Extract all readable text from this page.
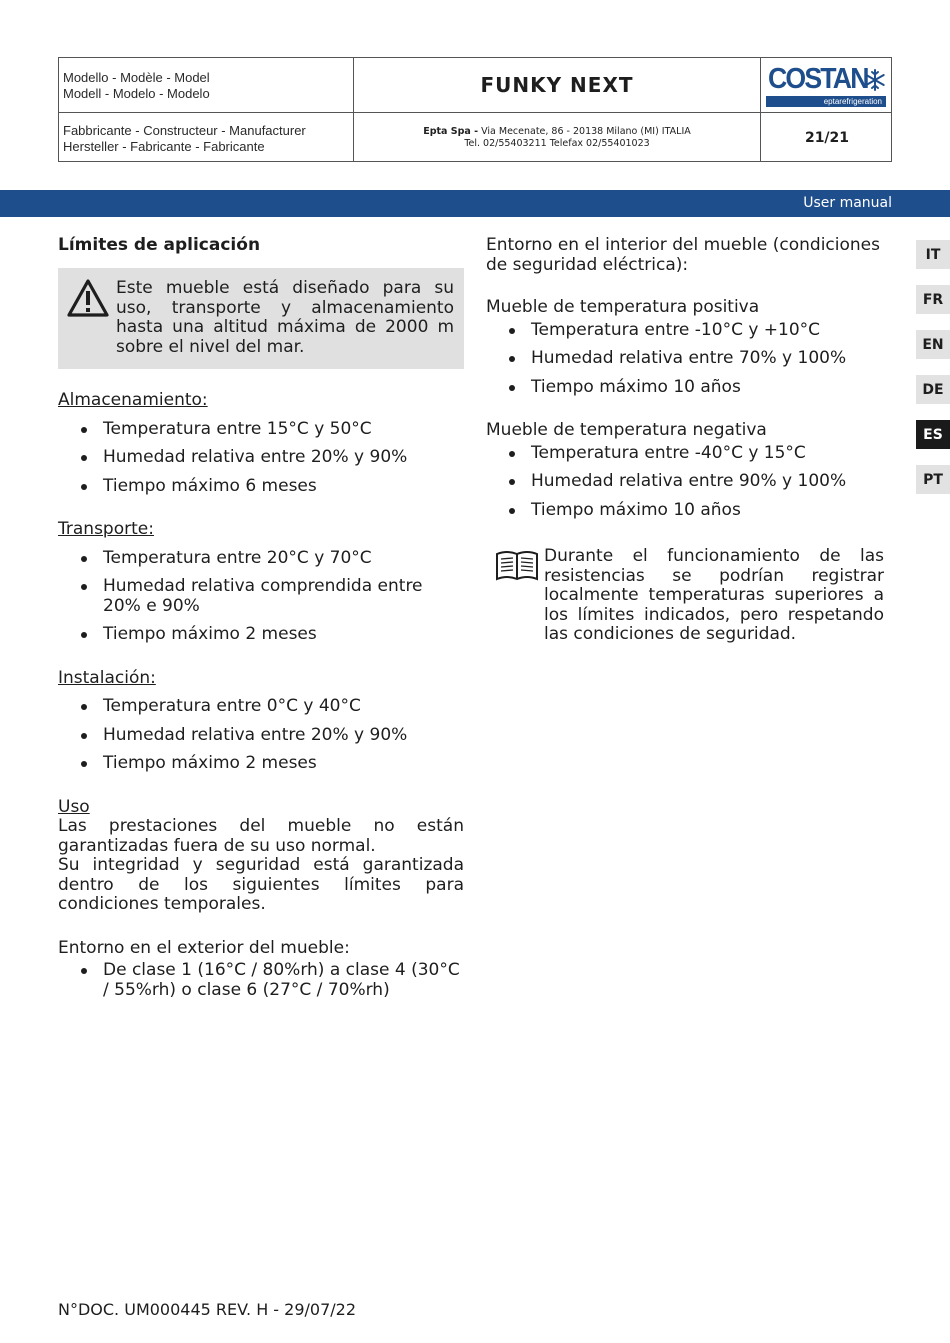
Modello - Modèle - Model
Modell - Modelo - Modelo
Fabbricante - Constructeur - Manufacturer
Hersteller - Fabricante - Fabricante
FUNKY NEXT
Epta Spa - Via Mecenate, 86 - 20138 Milano (MI) ITALIA
Tel. 02/55403211 Telefax 02/55401023
COSTAN
eptarefrigeration
21/21
User manual
IT
FR
EN
DE
ES
PT
Límites de aplicación
Este mueble está diseñado para su uso, transporte y almacenamiento hasta una altitud máxima de 2000 m sobre el nivel del mar.
Almacenamiento:
Temperatura entre 15°C y 50°C
Humedad relativa entre 20% y 90%
Tiempo máximo 6 meses
Transporte:
Temperatura entre 20°C y 70°C
Humedad relativa comprendida entre 20% e 90%
Tiempo máximo 2 meses
Instalación:
Temperatura entre 0°C y 40°C
Humedad relativa entre 20% y 90%
Tiempo máximo 2 meses
Uso
Las prestaciones del mueble no están garantizadas fuera de su uso normal.
Su integridad y seguridad está garantizada dentro de los siguientes límites para condiciones temporales.
Entorno en el exterior del mueble:
De clase 1 (16°C / 80%rh) a clase 4 (30°C / 55%rh) o clase 6 (27°C / 70%rh)
Entorno en el interior del mueble (condiciones de seguridad eléctrica):
Mueble de temperatura positiva
Temperatura entre -10°C y +10°C
Humedad relativa entre 70% y 100%
Tiempo máximo 10 años
Mueble de temperatura negativa
Temperatura entre -40°C y 15°C
Humedad relativa entre 90% y 100%
Tiempo máximo 10 años
Durante el funcionamiento de las resistencias se podrían registrar localmente temperaturas superiores a los límites indicados, pero respetando las condiciones de seguridad.
N°DOC. UM000445 REV. H - 29/07/22
